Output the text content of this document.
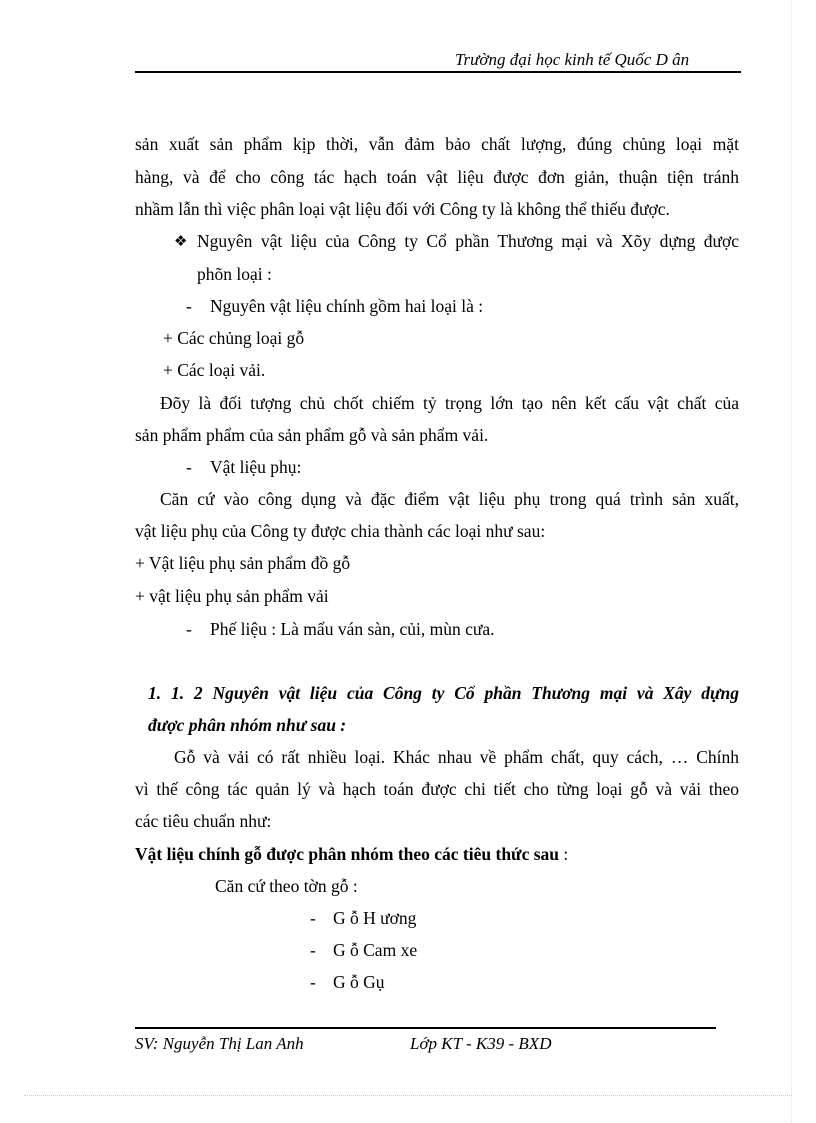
Trường đại học kinh tế Quốc D ân
sản xuất sản phẩm kịp thời, vẫn đảm bảo chất lượng, đúng chủng loại mặt
hàng, và để cho công tác hạch toán vật liệu được đơn giản, thuận tiện tránh
nhầm lẫn thì việc phân loại vật liệu đối với Công ty là không thể thiếu được.
❖ Nguyên vật liệu của Công ty Cổ phần Thương mại và Xõy dựng được
phõn loại :
- Nguyên vật liệu chính gồm hai loại là :
+ Các chủng loại gỗ
+ Các loại vải.
Đõy là đối tượng chủ chốt chiếm tỷ trọng lớn tạo nên kết cấu vật chất của
sản phẩm phẩm của sản phẩm gỗ và sản phẩm vải.
- Vật liệu phụ:
Căn cứ vào công dụng và đặc điểm vật liệu phụ trong quá trình sản xuất,
vật liệu phụ của Công ty được chia thành các loại như sau:
+ Vật liệu phụ sản phẩm đồ gỗ
+ vật liệu phụ sản phẩm vải
- Phế liệu : Là mẩu ván sàn, củi, mùn cưa.
1. 1. 2 Nguyên vật liệu của Công ty Cổ phần Thương mại và Xây dựng
được phân nhóm như sau :
Gỗ và vải có rất nhiều loại. Khác nhau về phẩm chất, quy cách, … Chính
vì thế công tác quản lý và hạch toán được chi tiết cho từng loại gỗ và vải theo
các tiêu chuẩn như:
Vật liệu chính gỗ được phân nhóm theo các tiêu thức sau :
Căn cứ theo tờn gỗ :
- G ỗ H ương
- G ỗ Cam xe
- G ỗ Gụ
SV: Nguyễn Thị Lan Anh	Lớp KT - K39 - BXD
